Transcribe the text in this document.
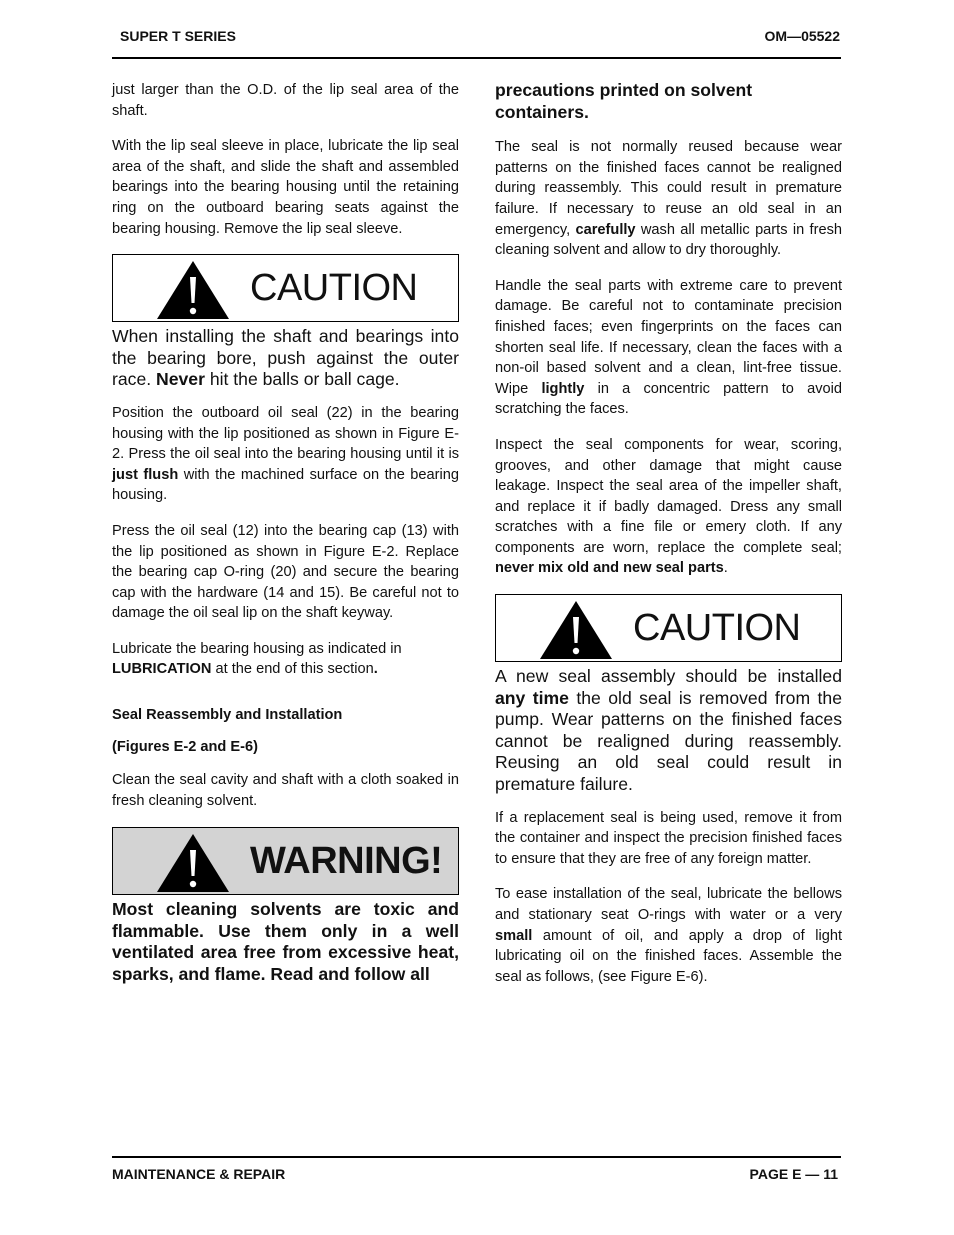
SUPER T SERIES	OM—05522

just larger than the O.D. of the lip seal area of the shaft.

With the lip seal sleeve in place, lubricate the lip seal area of the shaft, and slide the shaft and assembled bearings into the bearing housing until the retaining ring on the outboard bearing seats against the bearing housing. Remove the lip seal sleeve.

CAUTION

When installing the shaft and bearings into the bearing bore, push against the outer race. Never hit the balls or ball cage.

Position the outboard oil seal (22) in the bearing housing with the lip positioned as shown in Figure E-2. Press the oil seal into the bearing housing until it is just flush with the machined surface on the bearing housing.

Press the oil seal (12) into the bearing cap (13) with the lip positioned as shown in Figure E-2. Replace the bearing cap O-ring (20) and secure the bearing cap with the hardware (14 and 15). Be careful not to damage the oil seal lip on the shaft keyway.

Lubricate the bearing housing as indicated in LUBRICATION at the end of this section.

Seal Reassembly and Installation

(Figures E-2 and E-6)

Clean the seal cavity and shaft with a cloth soaked in fresh cleaning solvent.

WARNING!

Most cleaning solvents are toxic and flammable. Use them only in a well ventilated area free from excessive heat, sparks, and flame. Read and follow all

precautions printed on solvent containers.

The seal is not normally reused because wear patterns on the finished faces cannot be realigned during reassembly. This could result in premature failure. If necessary to reuse an old seal in an emergency, carefully wash all metallic parts in fresh cleaning solvent and allow to dry thoroughly.

Handle the seal parts with extreme care to prevent damage. Be careful not to contaminate precision finished faces; even fingerprints on the faces can shorten seal life. If necessary, clean the faces with a non-oil based solvent and a clean, lint-free tissue. Wipe lightly in a concentric pattern to avoid scratching the faces.

Inspect the seal components for wear, scoring, grooves, and other damage that might cause leakage. Inspect the seal area of the impeller shaft, and replace it if badly damaged. Dress any small scratches with a fine file or emery cloth. If any components are worn, replace the complete seal; never mix old and new seal parts.

CAUTION

A new seal assembly should be installed any time the old seal is removed from the pump. Wear patterns on the finished faces cannot be realigned during reassembly. Reusing an old seal could result in premature failure.

If a replacement seal is being used, remove it from the container and inspect the precision finished faces to ensure that they are free of any foreign matter.

To ease installation of the seal, lubricate the bellows and stationary seat O-rings with water or a very small amount of oil, and apply a drop of light lubricating oil on the finished faces. Assemble the seal as follows, (see Figure E-6).

MAINTENANCE & REPAIR	PAGE E — 11
